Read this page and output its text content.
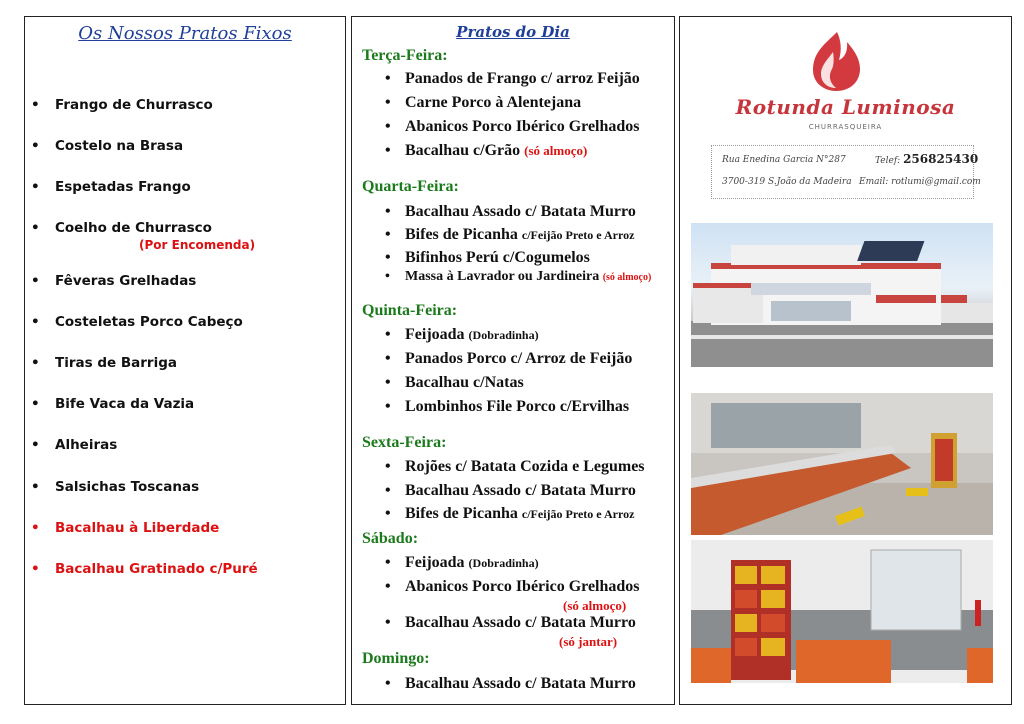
Os Nossos Pratos Fixos
• Frango de Churrasco
• Costelo na Brasa
• Espetadas Frango
• Coelho de Churrasco
(Por Encomenda)
• Fêveras Grelhadas
• Costeletas Porco Cabeço
• Tiras de Barriga
• Bife Vaca da Vazia
• Alheiras
• Salsichas Toscanas
• Bacalhau à Liberdade
• Bacalhau Gratinado c/Puré
Pratos do Dia
Terça-Feira:
• Panados de Frango c/ arroz Feijão
• Carne Porco à Alentejana
• Abanicos Porco Ibérico Grelhados
• Bacalhau c/Grão (só almoço)
Quarta-Feira:
• Bacalhau Assado c/ Batata Murro
• Bifes de Picanha c/Feijão Preto e Arroz
• Bifinhos Perú c/Cogumelos
• Massa à Lavrador ou Jardineira (só almoço)
Quinta-Feira:
• Feijoada (Dobradinha)
• Panados Porco c/ Arroz de Feijão
• Bacalhau c/Natas
• Lombinhos File Porco c/Ervilhas
Sexta-Feira:
• Rojões c/ Batata Cozida e Legumes
• Bacalhau Assado c/ Batata Murro
• Bifes de Picanha c/Feijão Preto e Arroz
Sábado:
• Feijoada (Dobradinha)
• Abanicos Porco Ibérico Grelhados
(só almoço)
• Bacalhau Assado c/ Batata Murro
(só jantar)
Domingo:
• Bacalhau Assado c/ Batata Murro
Rotunda Luminosa
CHURRASQUEIRA
Rua Enedina Garcia N°287	Telef: 256825430
3700-319 S.João da Madeira Email: rotlumi@gmail.com
